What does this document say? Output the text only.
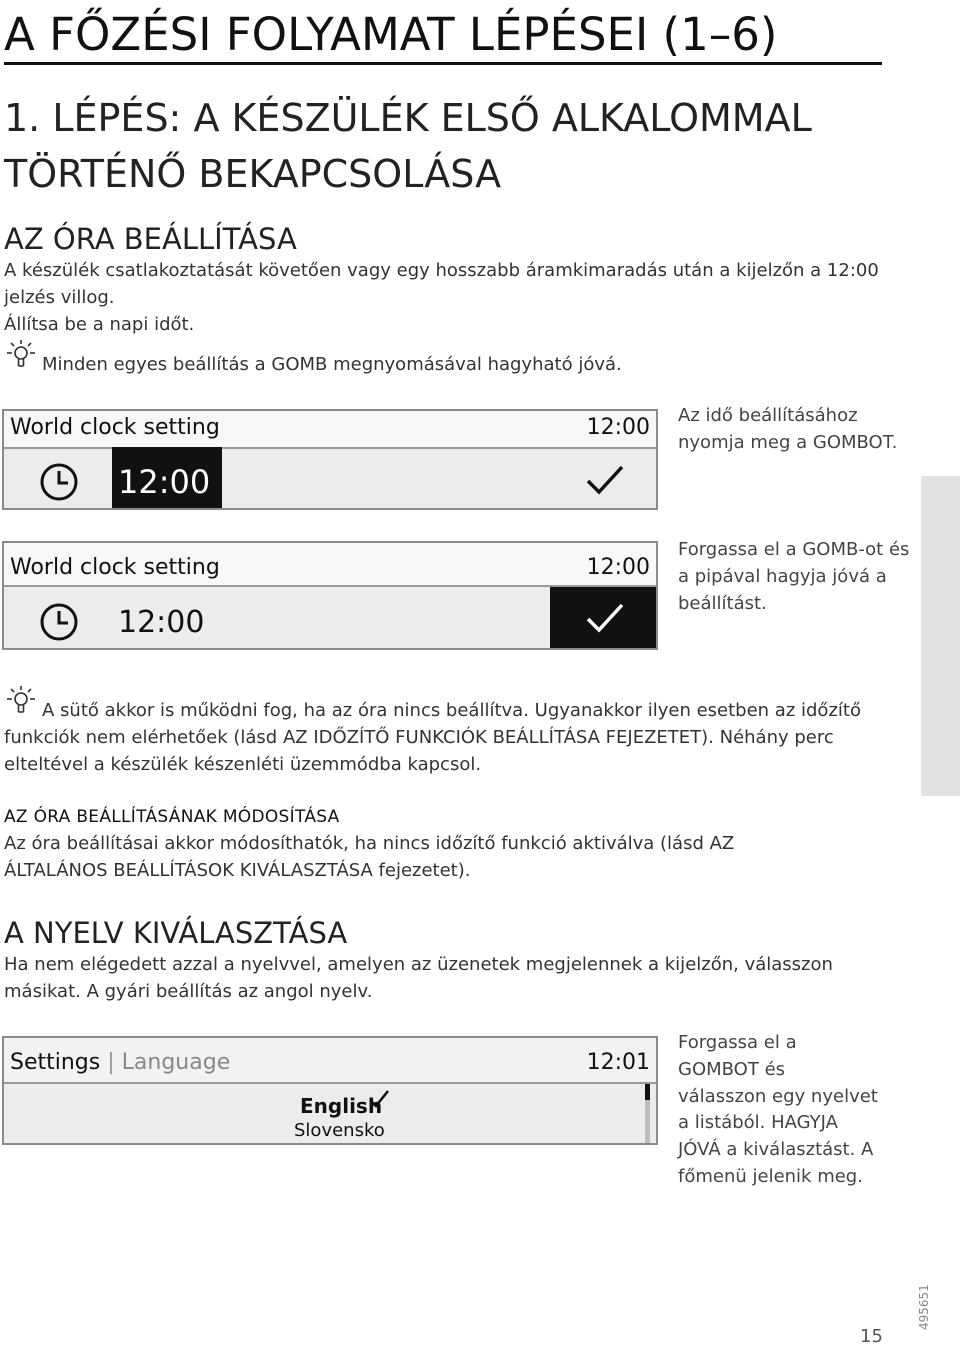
A FŐZÉSI FOLYAMAT LÉPÉSEI (1–6)
1. LÉPÉS: A KÉSZÜLÉK ELSŐ ALKALOMMAL
TÖRTÉNŐ BEKAPCSOLÁSA
AZ ÓRA BEÁLLÍTÁSA
A készülék csatlakoztatását követően vagy egy hosszabb áramkimaradás után a kijelzőn a 12:00 jelzés villog.
Állítsa be a napi időt.
Minden egyes beállítás a GOMB megnyomásával hagyható jóvá.
World clock setting	12:00
12:00
Az idő beállításához nyomja meg a GOMBOT.
World clock setting	12:00
12:00
Forgassa el a GOMB-ot és a pipával hagyja jóvá a beállítást.
A sütő akkor is működni fog, ha az óra nincs beállítva. Ugyanakkor ilyen esetben az időzítő funkciók nem elérhetőek (lásd AZ IDŐZÍTŐ FUNKCIÓK BEÁLLÍTÁSA FEJEZETET). Néhány perc elteltével a készülék készenléti üzemmódba kapcsol.
AZ ÓRA BEÁLLÍTÁSÁNAK MÓDOSÍTÁSA
Az óra beállításai akkor módosíthatók, ha nincs időzítő funkció aktiválva (lásd AZ ÁLTALÁNOS BEÁLLÍTÁSOK KIVÁLASZTÁSA fejezetet).
A NYELV KIVÁLASZTÁSA
Ha nem elégedett azzal a nyelvvel, amelyen az üzenetek megjelennek a kijelzőn, válasszon másikat. A gyári beállítás az angol nyelv.
Settings | Language	12:01
English
Slovensko
Forgassa el a GOMBOT és válasszon egy nyelvet a listából. HAGYJA JÓVÁ a kiválasztást. A főmenü jelenik meg.
15
495651
